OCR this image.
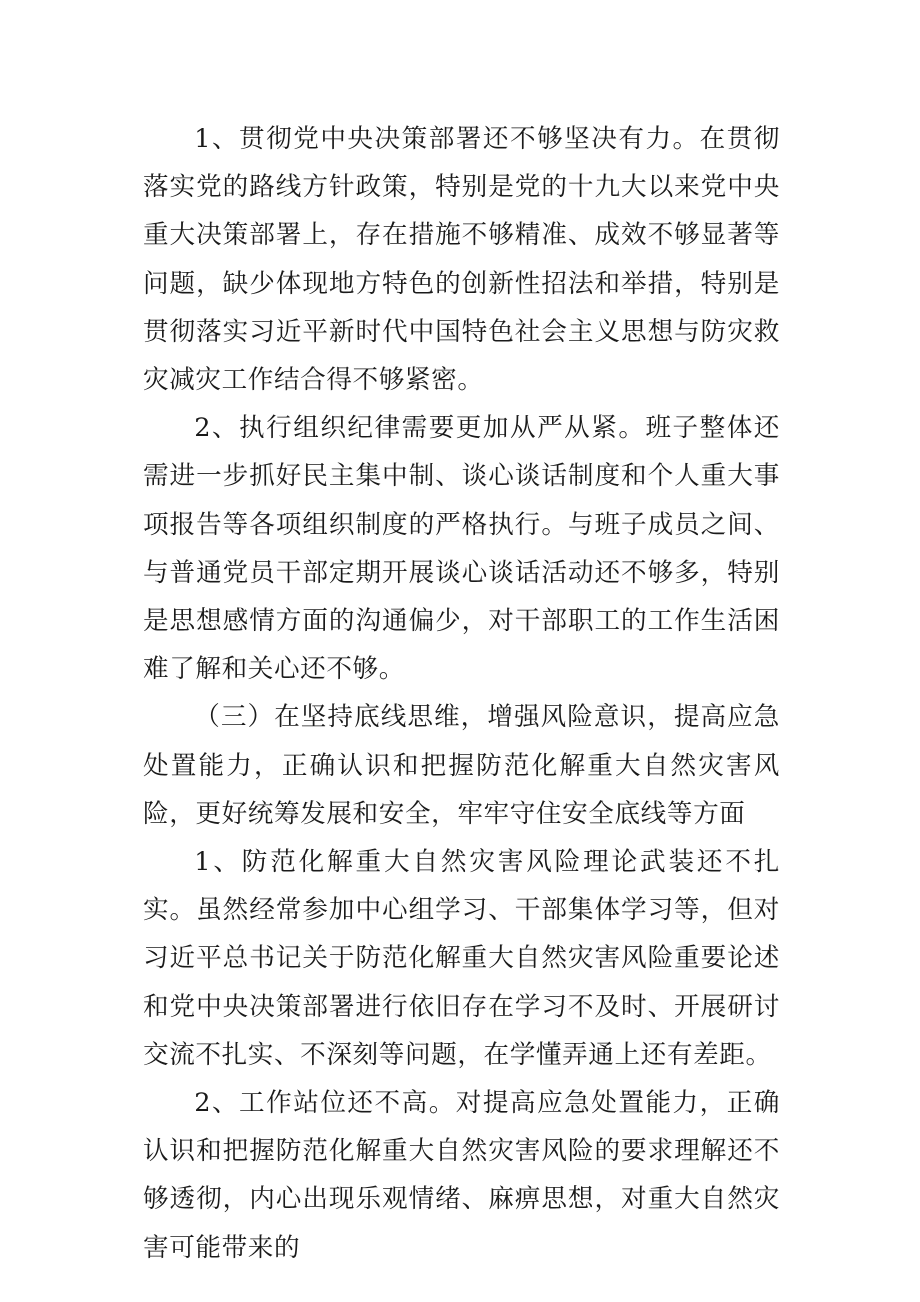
1、贯彻党中央决策部署还不够坚决有力。在贯彻落实党的路线方针政策，特别是党的十九大以来党中央重大决策部署上，存在措施不够精准、成效不够显著等问题，缺少体现地方特色的创新性招法和举措，特别是贯彻落实习近平新时代中国特色社会主义思想与防灾救灾减灾工作结合得不够紧密。

2、执行组织纪律需要更加从严从紧。班子整体还需进一步抓好民主集中制、谈心谈话制度和个人重大事项报告等各项组织制度的严格执行。与班子成员之间、与普通党员干部定期开展谈心谈话活动还不够多，特别是思想感情方面的沟通偏少，对干部职工的工作生活困难了解和关心还不够。

（三）在坚持底线思维，增强风险意识，提高应急处置能力，正确认识和把握防范化解重大自然灾害风险，更好统筹发展和安全，牢牢守住安全底线等方面

1、防范化解重大自然灾害风险理论武装还不扎实。虽然经常参加中心组学习、干部集体学习等，但对习近平总书记关于防范化解重大自然灾害风险重要论述和党中央决策部署进行依旧存在学习不及时、开展研讨交流不扎实、不深刻等问题，在学懂弄通上还有差距。

2、工作站位还不高。对提高应急处置能力，正确认识和把握防范化解重大自然灾害风险的要求理解还不够透彻，内心出现乐观情绪、麻痹思想，对重大自然灾害可能带来的
